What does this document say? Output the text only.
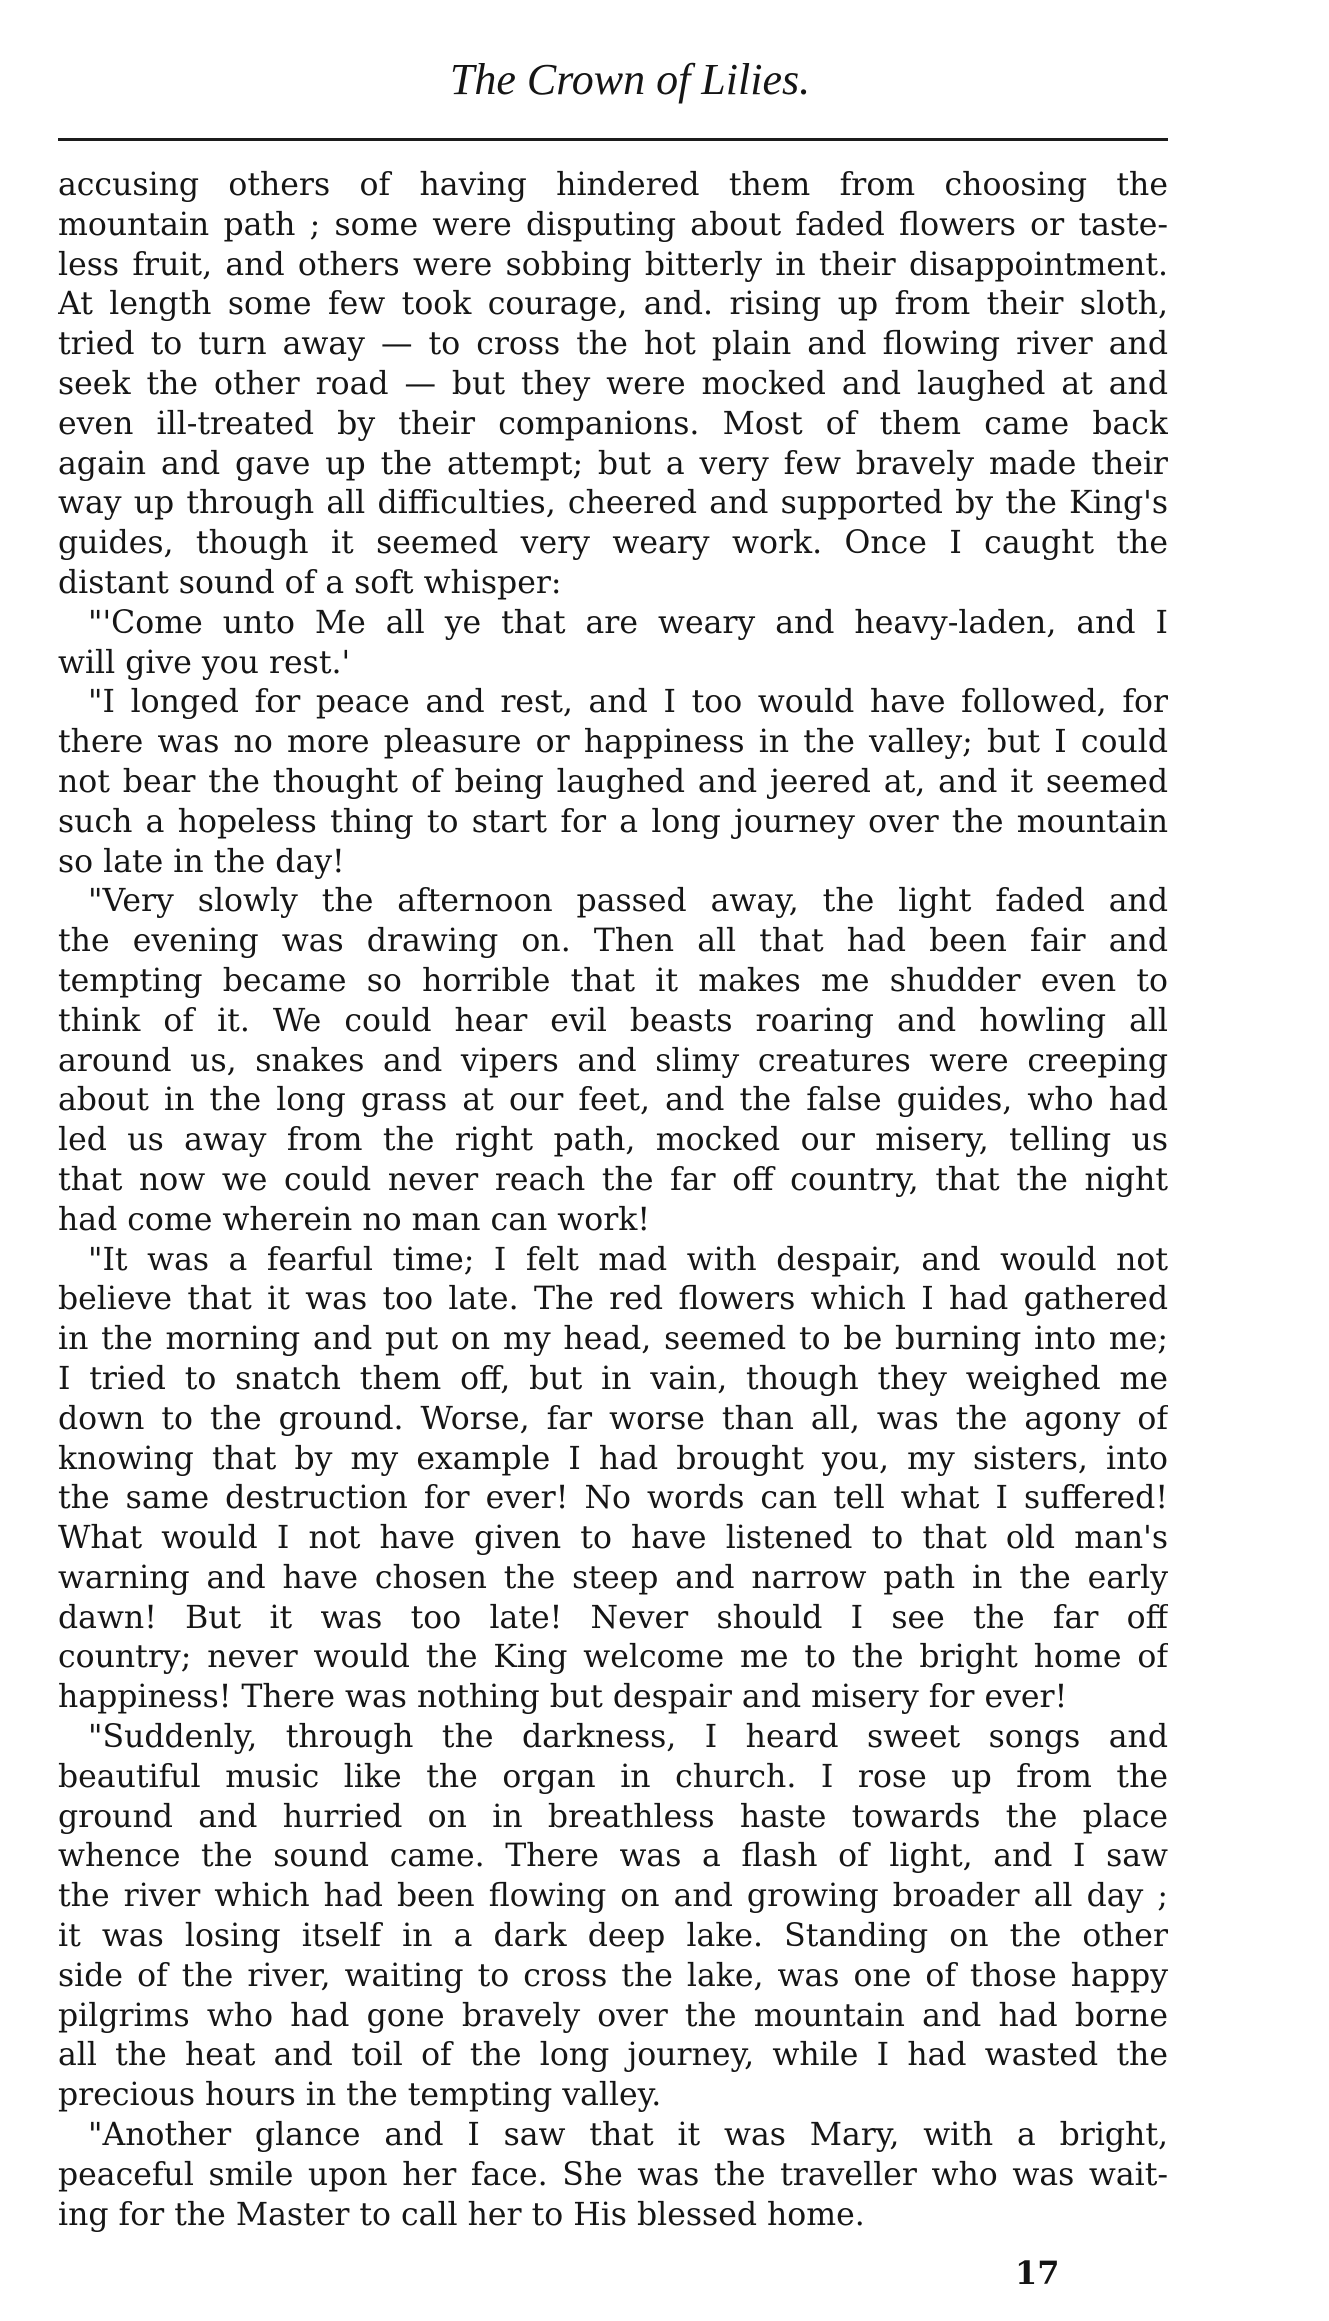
The Crown of Lilies.
accusing others of having hindered them from choosing the
mountain path ; some were disputing about faded flowers or taste-
less fruit, and others were sobbing bitterly in their disappointment.
At length some few took courage, and. rising up from their sloth,
tried to turn away — to cross the hot plain and flowing river and
seek the other road — but they were mocked and laughed at and
even ill-treated by their companions. Most of them came back
again and gave up the attempt; but a very few bravely made their
way up through all difficulties, cheered and supported by the King's
guides, though it seemed very weary work. Once I caught the
distant sound of a soft whisper:
"'Come unto Me all ye that are weary and heavy-laden, and I
will give you rest.'
"I longed for peace and rest, and I too would have followed, for
there was no more pleasure or happiness in the valley; but I could
not bear the thought of being laughed and jeered at, and it seemed
such a hopeless thing to start for a long journey over the mountain
so late in the day!
"Very slowly the afternoon passed away, the light faded and
the evening was drawing on. Then all that had been fair and
tempting became so horrible that it makes me shudder even to
think of it. We could hear evil beasts roaring and howling all
around us, snakes and vipers and slimy creatures were creeping
about in the long grass at our feet, and the false guides, who had
led us away from the right path, mocked our misery, telling us
that now we could never reach the far off country, that the night
had come wherein no man can work!
"It was a fearful time; I felt mad with despair, and would not
believe that it was too late. The red flowers which I had gathered
in the morning and put on my head, seemed to be burning into me;
I tried to snatch them off, but in vain, though they weighed me
down to the ground. Worse, far worse than all, was the agony of
knowing that by my example I had brought you, my sisters, into
the same destruction for ever! No words can tell what I suffered!
What would I not have given to have listened to that old man's
warning and have chosen the steep and narrow path in the early
dawn! But it was too late! Never should I see the far off
country; never would the King welcome me to the bright home of
happiness! There was nothing but despair and misery for ever!
"Suddenly, through the darkness, I heard sweet songs and
beautiful music like the organ in church. I rose up from the
ground and hurried on in breathless haste towards the place
whence the sound came. There was a flash of light, and I saw
the river which had been flowing on and growing broader all day ;
it was losing itself in a dark deep lake. Standing on the other
side of the river, waiting to cross the lake, was one of those happy
pilgrims who had gone bravely over the mountain and had borne
all the heat and toil of the long journey, while I had wasted the
precious hours in the tempting valley.
"Another glance and I saw that it was Mary, with a bright,
peaceful smile upon her face. She was the traveller who was wait-
ing for the Master to call her to His blessed home.
17
